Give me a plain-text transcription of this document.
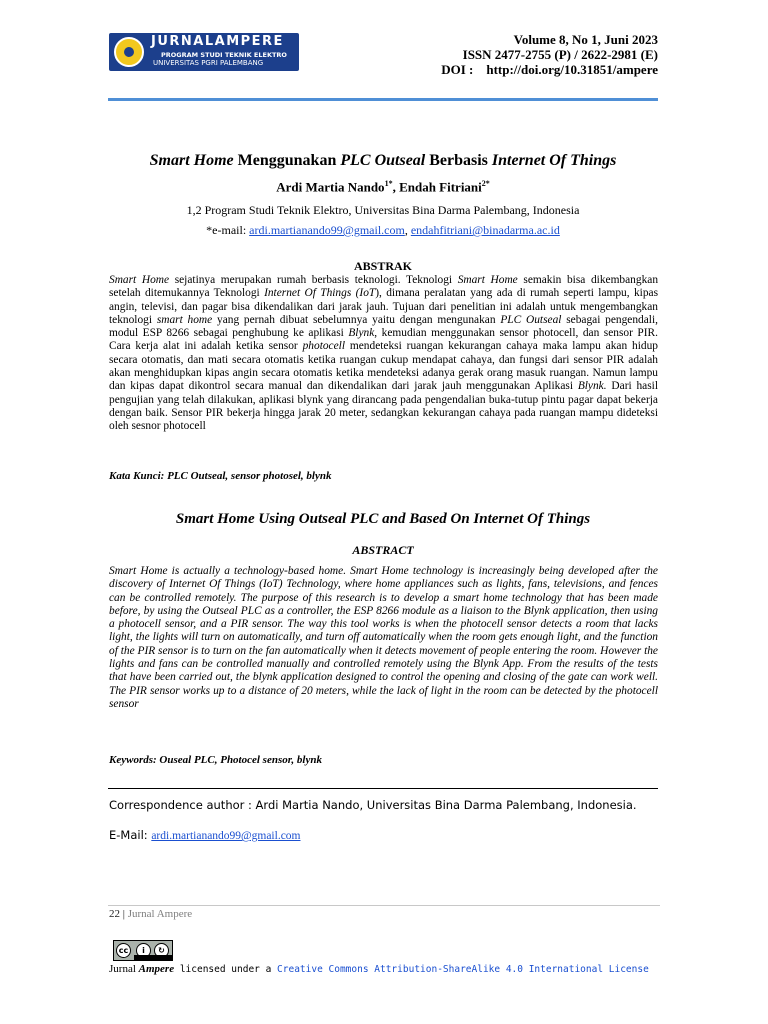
JURNALAMPERE
PROGRAM STUDI TEKNIK ELEKTRO
UNIVERSITAS PGRI PALEMBANG
Volume 8, No 1, Juni 2023
ISSN 2477-2755 (P) / 2622-2981 (E)
DOI : http://doi.org/10.31851/ampere
Smart Home Menggunakan PLC Outseal Berbasis Internet Of Things
Ardi Martia Nando$^{1*}$, Endah Fitriani$^{2*}$
1,2 Program Studi Teknik Elektro, Universitas Bina Darma Palembang, Indonesia
*e-mail: ardi.martianando99@gmail.com, endahfitriani@binadarma.ac.id
ABSTRAK
Smart Home sejatinya merupakan rumah berbasis teknologi. Teknologi Smart Home semakin bisa dikembangkan setelah ditemukannya Teknologi Internet Of Things (IoT), dimana peralatan yang ada di rumah seperti lampu, kipas angin, televisi, dan pagar bisa dikendalikan dari jarak jauh. Tujuan dari penelitian ini adalah untuk mengembangkan teknologi smart home yang pernah dibuat sebelumnya yaitu dengan mengunakan PLC Outseal sebagai pengendali, modul ESP 8266 sebagai penghubung ke aplikasi Blynk, kemudian menggunakan sensor photocell, dan sensor PIR. Cara kerja alat ini adalah ketika sensor photocell mendeteksi ruangan kekurangan cahaya maka lampu akan hidup secara otomatis, dan mati secara otomatis ketika ruangan cukup mendapat cahaya, dan fungsi dari sensor PIR adalah akan menghidupkan kipas angin secara otomatis ketika mendeteksi adanya gerak orang masuk ruangan. Namun lampu dan kipas dapat dikontrol secara manual dan dikendalikan dari jarak jauh menggunakan Aplikasi Blynk. Dari hasil pengujian yang telah dilakukan, aplikasi blynk yang dirancang pada pengendalian buka-tutup pintu pagar dapat bekerja dengan baik. Sensor PIR bekerja hingga jarak 20 meter, sedangkan kekurangan cahaya pada ruangan mampu dideteksi oleh sesnor photocell
Kata Kunci: PLC Outseal, sensor photosel, blynk
Smart Home Using Outseal PLC and Based On Internet Of Things
ABSTRACT
Smart Home is actually a technology-based home. Smart Home technology is increasingly being developed after the discovery of Internet Of Things (IoT) Technology, where home appliances such as lights, fans, televisions, and fences can be controlled remotely. The purpose of this research is to develop a smart home technology that has been made before, by using the Outseal PLC as a controller, the ESP 8266 module as a liaison to the Blynk application, then using a photocell sensor, and a PIR sensor. The way this tool works is when the photocell sensor detects a room that lacks light, the lights will turn on automatically, and turn off automatically when the room gets enough light, and the function of the PIR sensor is to turn on the fan automatically when it detects movement of people entering the room. However the lights and fans can be controlled manually and controlled remotely using the Blynk App. From the results of the tests that have been carried out, the blynk application designed to control the opening and closing of the gate can work well. The PIR sensor works up to a distance of 20 meters, while the lack of light in the room can be detected by the photocell sensor
Keywords: Ouseal PLC, Photocel sensor, blynk
Correspondence author : Ardi Martia Nando, Universitas Bina Darma Palembang, Indonesia.
E-Mail: ardi.martianando99@gmail.com
22 | Jurnal Ampere
cc	i	↻
Jurnal Ampere licensed under a Creative Commons Attribution-ShareAlike 4.0 International License
